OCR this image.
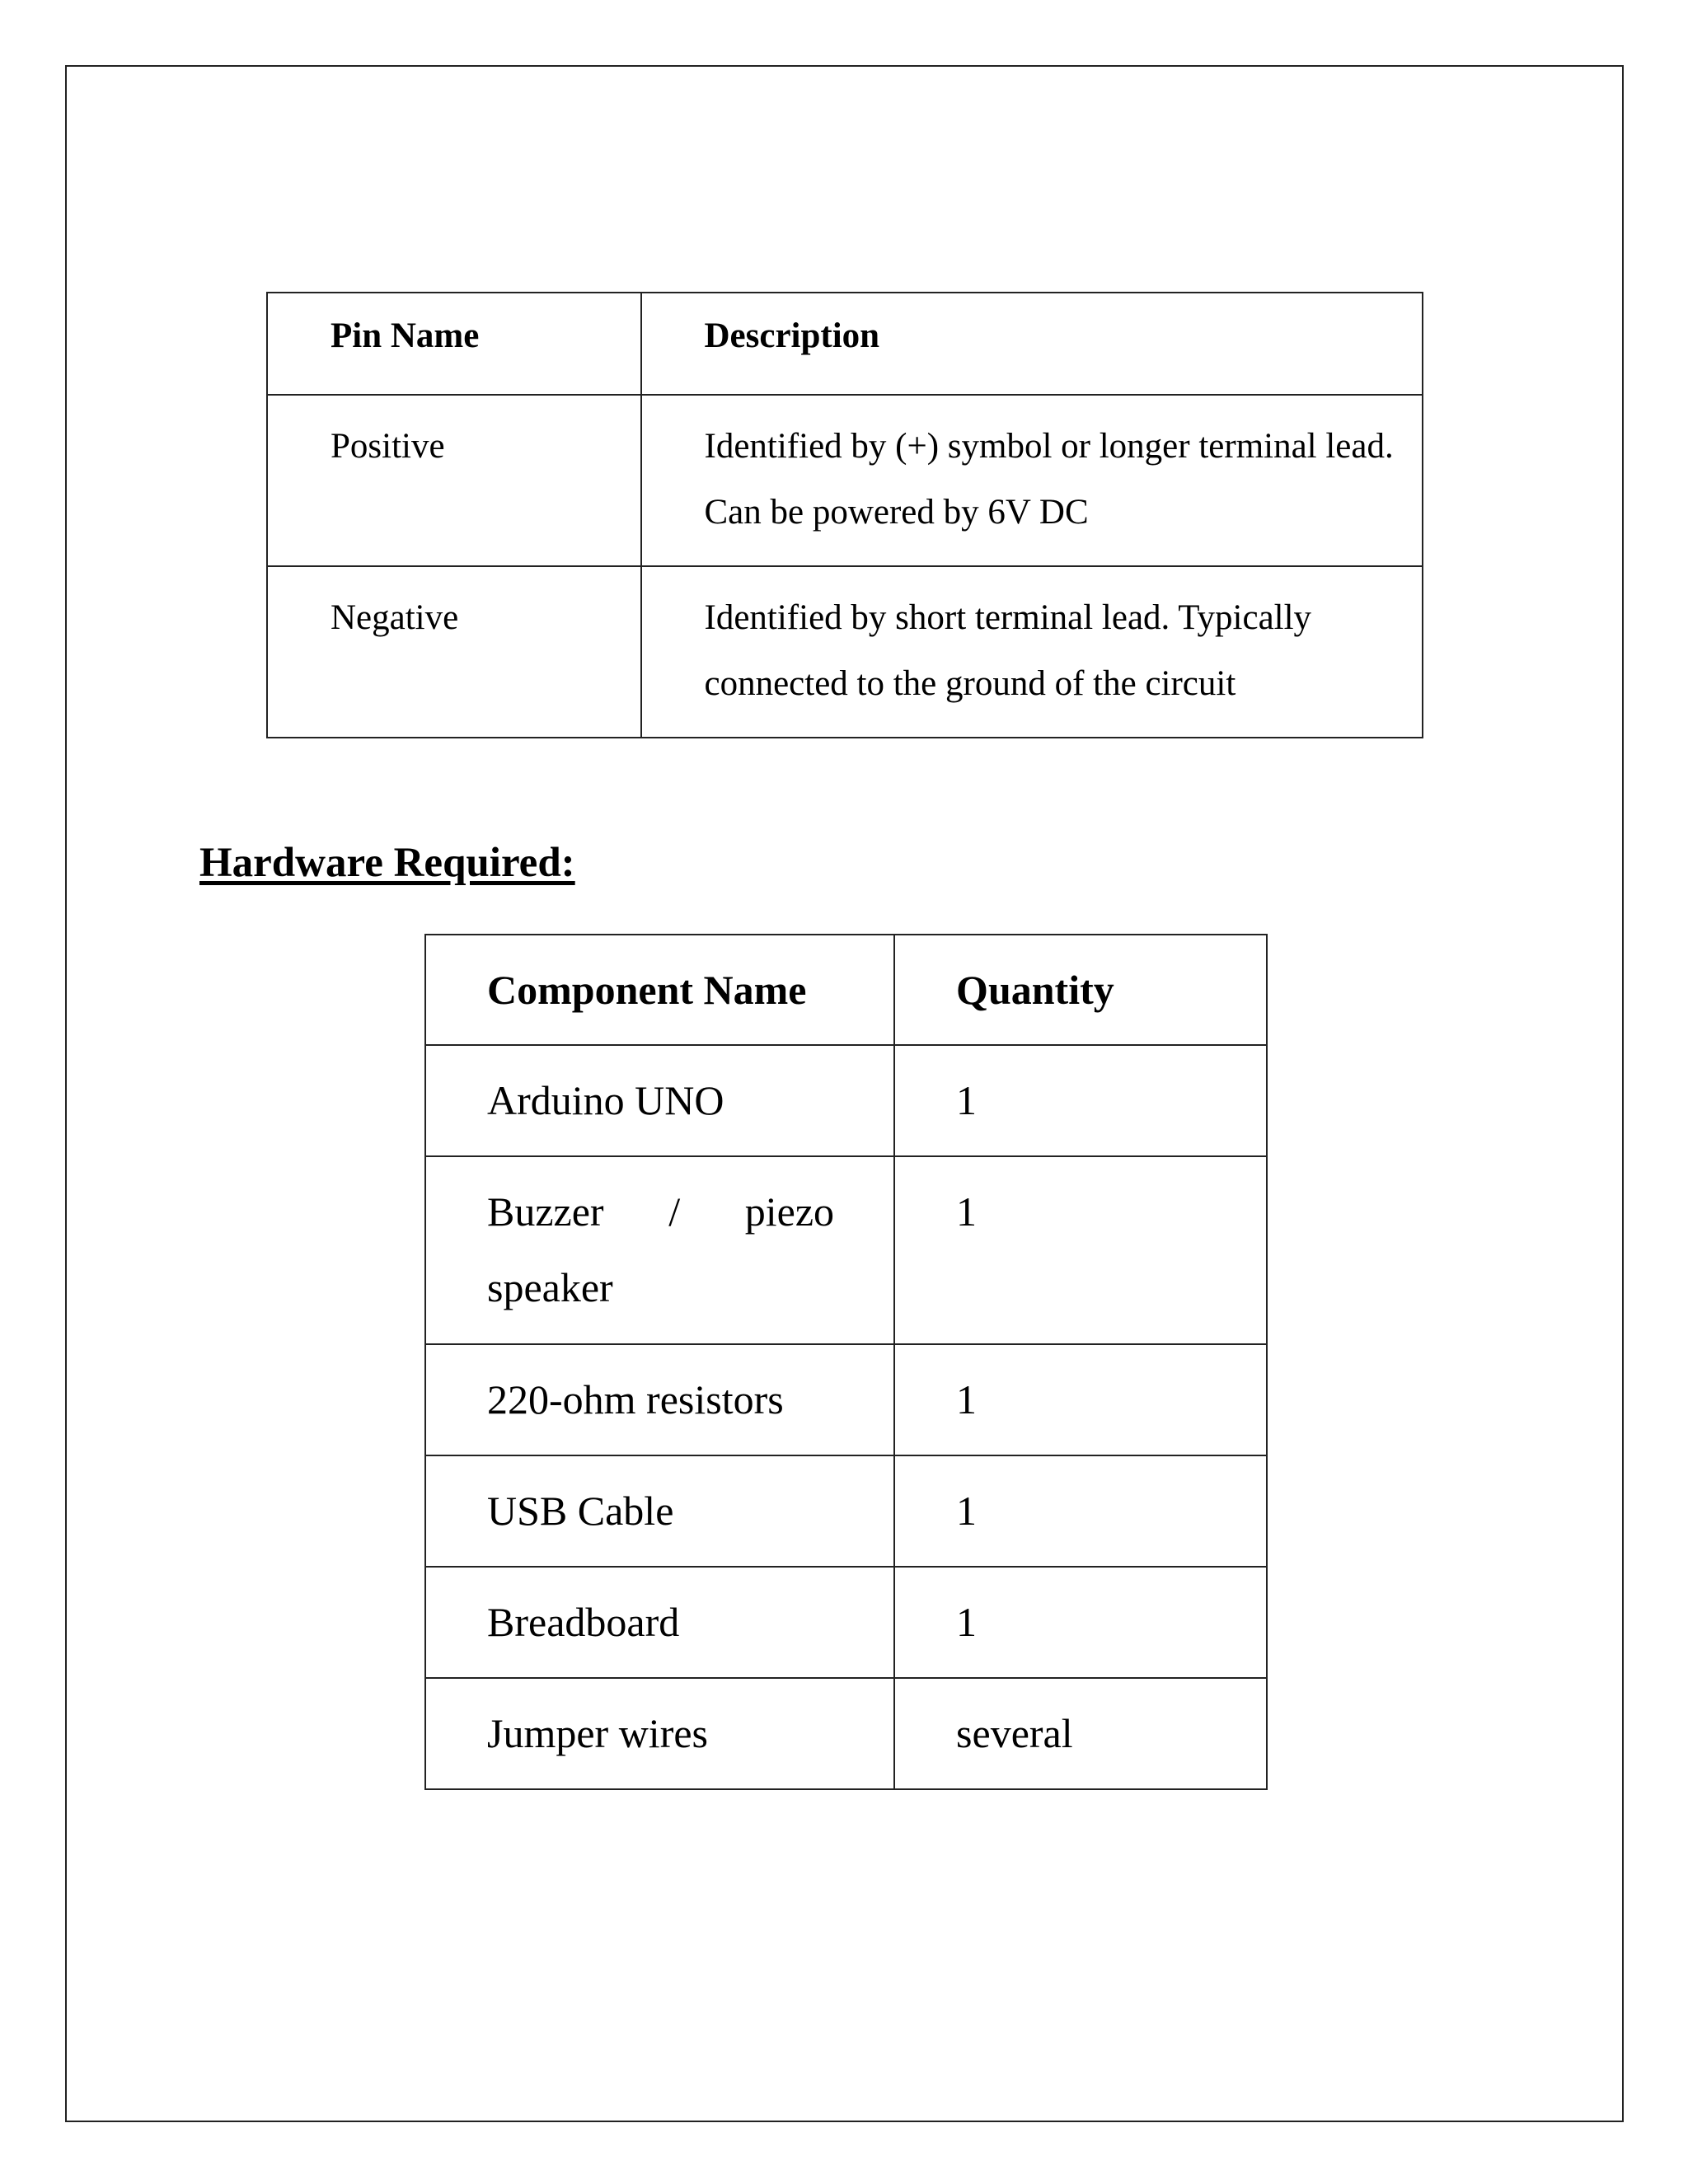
Pin Name	Description
Positive	Identified by (+) symbol or longer terminal lead. Can be powered by 6V DC
Negative	Identified by short terminal lead. Typically connected to the ground of the circuit
Hardware Required:
Component Name	Quantity
Arduino UNO	1

Buzzer / piezo
speaker	1
220-ohm resistors	1
USB Cable	1
Breadboard	1
Jumper wires	several
